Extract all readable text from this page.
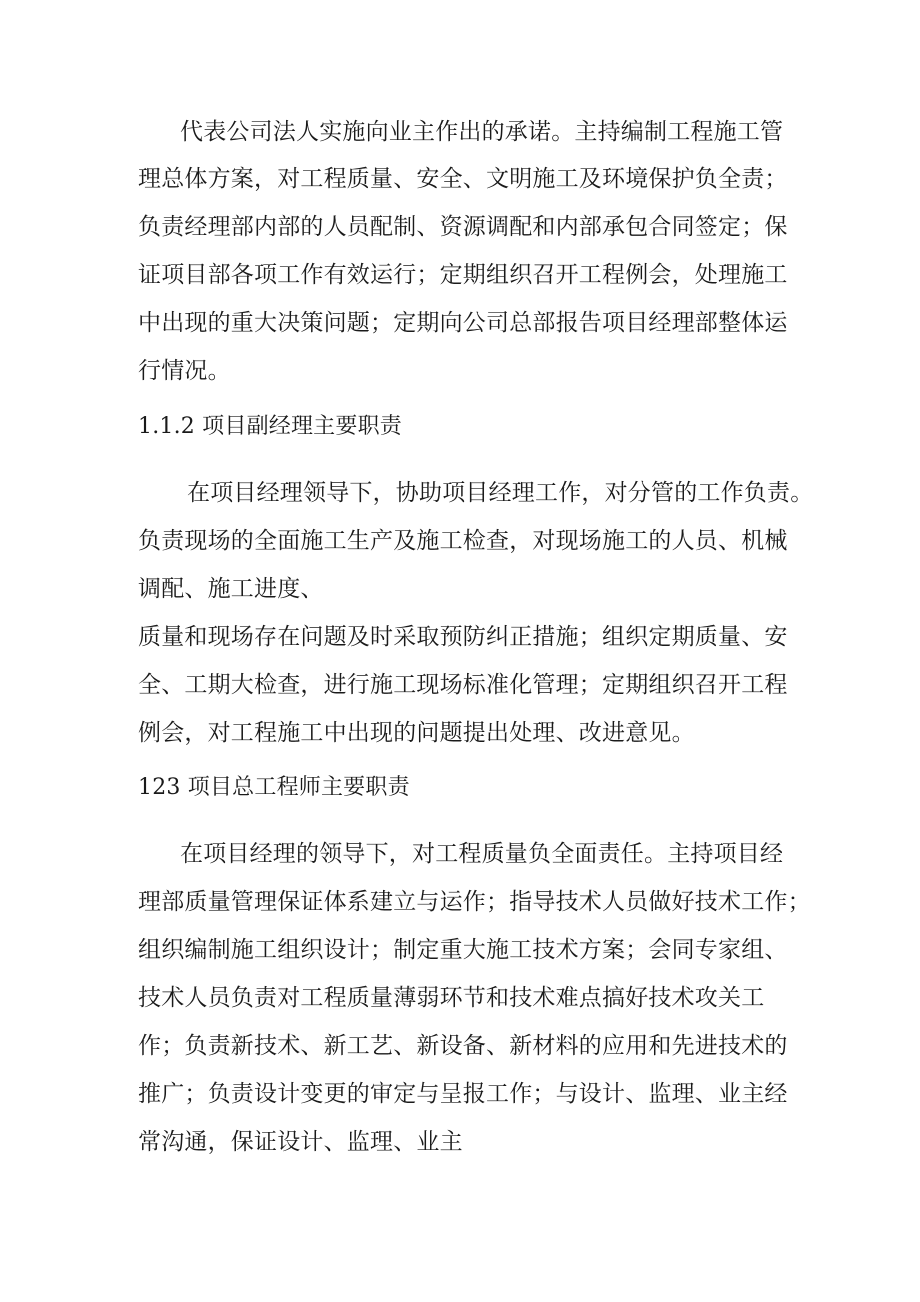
代表公司法人实施向业主作出的承诺。主持编制工程施工管
理总体方案，对工程质量、安全、文明施工及环境保护负全责；
负责经理部内部的人员配制、资源调配和内部承包合同签定；保
证项目部各项工作有效运行；定期组织召开工程例会，处理施工
中出现的重大决策问题；定期向公司总部报告项目经理部整体运
行情况。
1.1.2 项目副经理主要职责
在项目经理领导下，协助项目经理工作，对分管的工作负责。
负责现场的全面施工生产及施工检查，对现场施工的人员、机械
调配、施工进度、
质量和现场存在问题及时采取预防纠正措施；组织定期质量、安
全、工期大检查，进行施工现场标准化管理；定期组织召开工程
例会，对工程施工中出现的问题提出处理、改进意见。
123 项目总工程师主要职责
在项目经理的领导下，对工程质量负全面责任。主持项目经
理部质量管理保证体系建立与运作；指导技术人员做好技术工作；
组织编制施工组织设计；制定重大施工技术方案；会同专家组、
技术人员负责对工程质量薄弱环节和技术难点搞好技术攻关工
作；负责新技术、新工艺、新设备、新材料的应用和先进技术的
推广；负责设计变更的审定与呈报工作；与设计、监理、业主经
常沟通，保证设计、监理、业主
